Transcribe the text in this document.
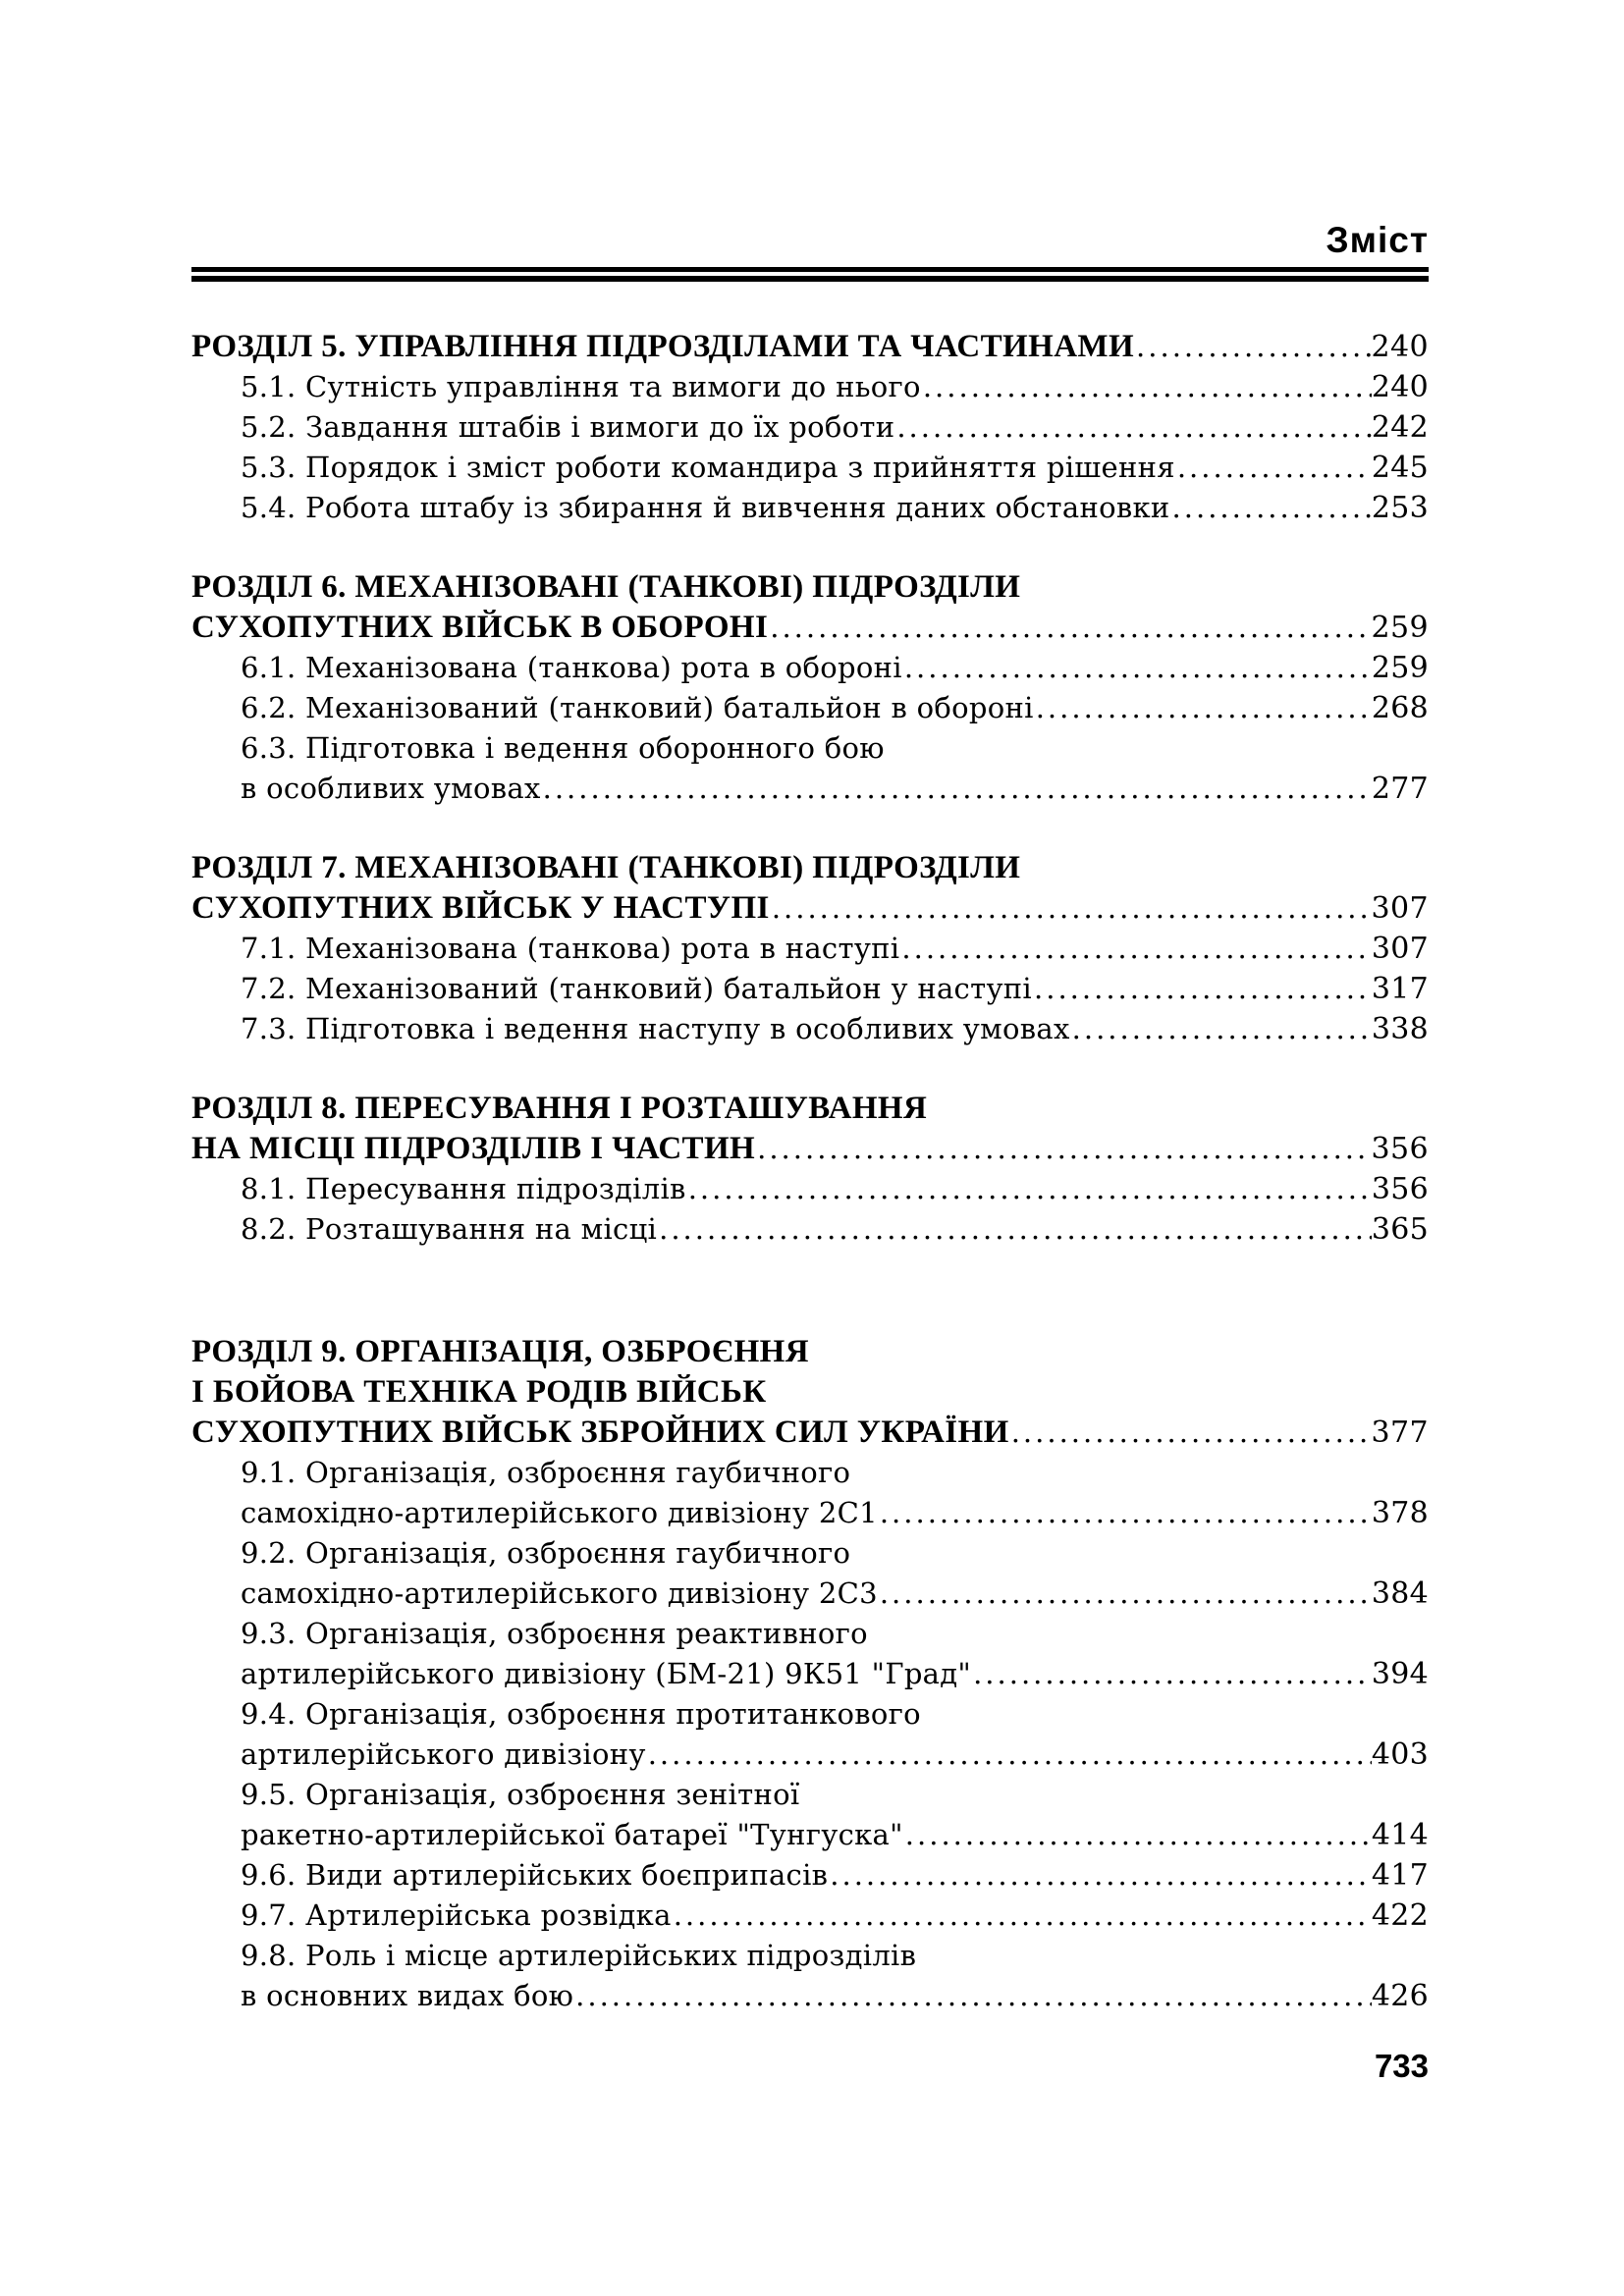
Зміст
РОЗДІЛ 5. УПРАВЛІННЯ ПІДРОЗДІЛАМИ ТА ЧАСТИНАМИ .....	240
5.1. Сутність управління та вимоги до нього .....	240
5.2. Завдання штабів і вимоги до їх роботи .....	242
5.3. Порядок і зміст роботи командира з прийняття рішення .....	245
5.4. Робота штабу із збирання й вивчення даних обстановки .....	253
РОЗДІЛ 6. МЕХАНІЗОВАНІ (ТАНКОВІ) ПІДРОЗДІЛИ
СУХОПУТНИХ ВІЙСЬК В ОБОРОНІ .....	259
6.1. Механізована (танкова) рота в обороні .....	259
6.2. Механізований (танковий) батальйон в обороні .....	268
6.3. Підготовка і ведення оборонного бою
в особливих умовах .....	277
РОЗДІЛ 7. МЕХАНІЗОВАНІ (ТАНКОВІ) ПІДРОЗДІЛИ
СУХОПУТНИХ ВІЙСЬК У НАСТУПІ .....	307
7.1. Механізована (танкова) рота в наступі .....	307
7.2. Механізований (танковий) батальйон у наступі .....	317
7.3. Підготовка і ведення наступу в особливих умовах .....	338
РОЗДІЛ 8. ПЕРЕСУВАННЯ І РОЗТАШУВАННЯ
НА МІСЦІ ПІДРОЗДІЛІВ І ЧАСТИН .....	356
8.1. Пересування підрозділів .....	356
8.2. Розташування на місці .....	365
РОЗДІЛ 9. ОРГАНІЗАЦІЯ, ОЗБРОЄННЯ
І БОЙОВА ТЕХНІКА РОДІВ ВІЙСЬК
СУХОПУТНИХ ВІЙСЬК ЗБРОЙНИХ СИЛ УКРАЇНИ .....	377
9.1. Організація, озброєння гаубичного
самохідно-артилерійського дивізіону 2С1 .....	378
9.2. Організація, озброєння гаубичного
самохідно-артилерійського дивізіону 2С3 .....	384
9.3. Організація, озброєння реактивного
артилерійського дивізіону (БМ-21) 9К51 "Град" .....	394
9.4. Організація, озброєння протитанкового
артилерійського дивізіону .....	403
9.5. Організація, озброєння зенітної
ракетно-артилерійської батареї "Тунгуска" .....	414
9.6. Види артилерійських боєприпасів .....	417
9.7. Артилерійська розвідка .....	422
9.8. Роль і місце артилерійських підрозділів
в основних видах бою .....	426
733
